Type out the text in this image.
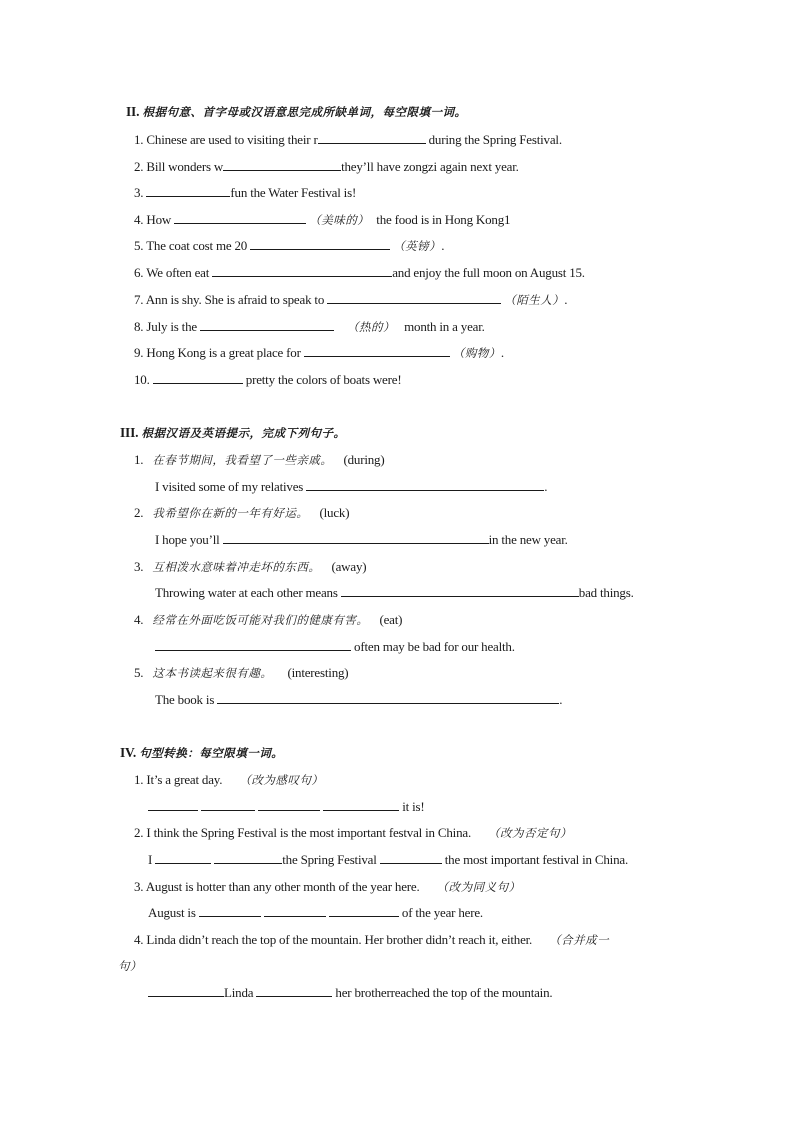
II. 根据句意、首字母或汉语意思完成所缺单词，每空限填一词。
1. Chinese are used to visiting their r	during the Spring Festival.
2. Bill wonders w	they’ll have zongzi again next year.
3.	fun the Water Festival is!
4. How	（美味的） the food is in Hong Kong1
5. The coat cost me 20	（英镑）.
6. We often eat	and enjoy the full moon on August 15.
7. Ann is shy. She is afraid to speak to	（陌生人）.
8. July is the	（热的） month in a year.
9. Hong Kong is a great place for	（购物）.
10.	pretty the colors of boats were!
III. 根据汉语及英语提示，完成下列句子。
1. 在春节期间，我看望了一些亲戚。 (during)
I visited some of my relatives	.
2. 我希望你在新的一年有好运。 (luck)
I hope you’ll	in the new year.
3. 互相泼水意味着冲走坏的东西。 (away)
Throwing water at each other means	bad things.
4. 经常在外面吃饭可能对我们的健康有害。 (eat)
often may be bad for our health.
5. 这本书读起来很有趣。 (interesting)
The book is	.
IV. 句型转换：每空限填一词。
1. It’s a great day. （改为感叹句）
it is!
2. I think the Spring Festival is the most important festval in China. （改为否定句）
I	the Spring Festival	the most important festival in China.
3. August is hotter than any other month of the year here. （改为同义句）
August is	of the year here.
4. Linda didn’t reach the top of the mountain. Her brother didn’t reach it, either. （合并成一
句）
Linda	her brotherreached the top of the mountain.
